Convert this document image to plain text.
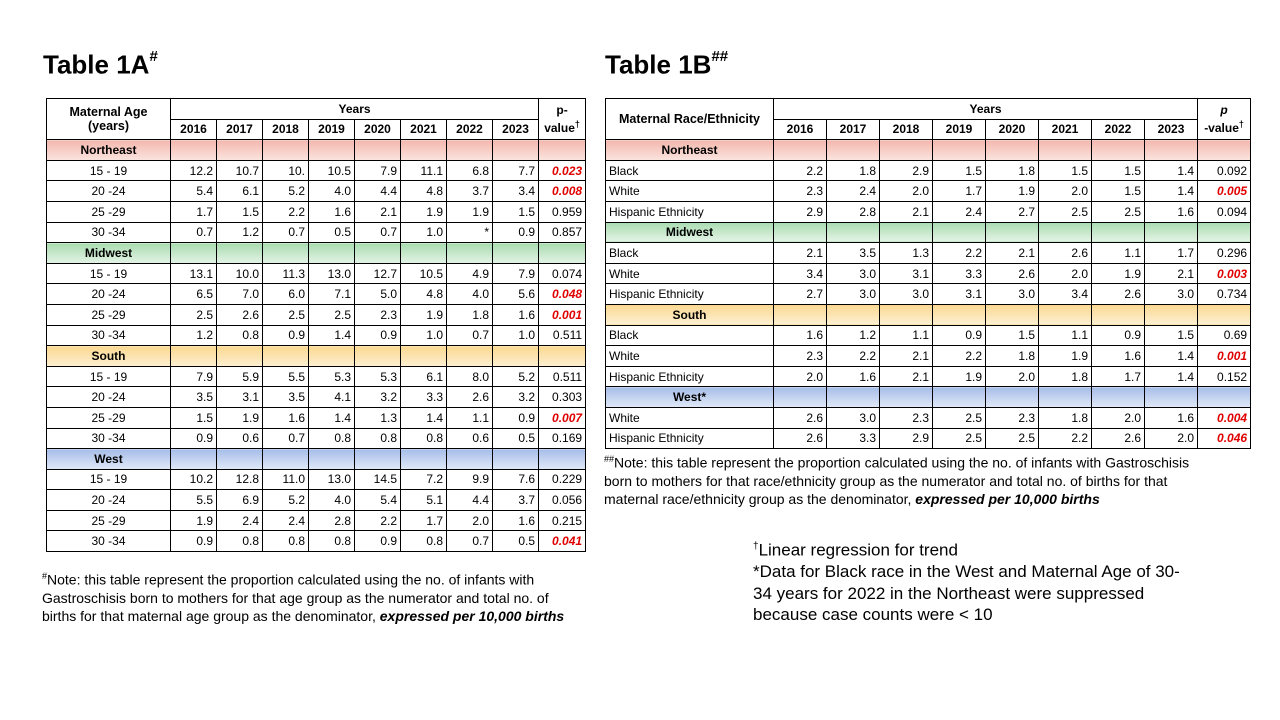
Table 1A#
Maternal Age (years)	Years								p-value†
	2016	2017	2018	2019	2020	2021	2022	2023	
Northeast									
15 - 19	12.2	10.7	10.	10.5	7.9	11.1	6.8	7.7	0.023
20 -24	5.4	6.1	5.2	4.0	4.4	4.8	3.7	3.4	0.008
25 -29	1.7	1.5	2.2	1.6	2.1	1.9	1.9	1.5	0.959
30 -34	0.7	1.2	0.7	0.5	0.7	1.0	*	0.9	0.857
Midwest									
15 - 19	13.1	10.0	11.3	13.0	12.7	10.5	4.9	7.9	0.074
20 -24	6.5	7.0	6.0	7.1	5.0	4.8	4.0	5.6	0.048
25 -29	2.5	2.6	2.5	2.5	2.3	1.9	1.8	1.6	0.001
30 -34	1.2	0.8	0.9	1.4	0.9	1.0	0.7	1.0	0.511
South									
15 - 19	7.9	5.9	5.5	5.3	5.3	6.1	8.0	5.2	0.511
20 -24	3.5	3.1	3.5	4.1	3.2	3.3	2.6	3.2	0.303
25 -29	1.5	1.9	1.6	1.4	1.3	1.4	1.1	0.9	0.007
30 -34	0.9	0.6	0.7	0.8	0.8	0.8	0.6	0.5	0.169
West									
15 - 19	10.2	12.8	11.0	13.0	14.5	7.2	9.9	7.6	0.229
20 -24	5.5	6.9	5.2	4.0	5.4	5.1	4.4	3.7	0.056
25 -29	1.9	2.4	2.4	2.8	2.2	1.7	2.0	1.6	0.215
30 -34	0.9	0.8	0.8	0.8	0.9	0.8	0.7	0.5	0.041
#Note: this table represent the proportion calculated using the no. of infants with Gastroschisis born to mothers for that age group as the numerator and total no. of births for that maternal age group as the denominator, expressed per 10,000 births
Table 1B##
Maternal Race/Ethnicity	Years								p
-value†
	2016	2017	2018	2019	2020	2021	2022	2023	
Northeast									
Black	2.2	1.8	2.9	1.5	1.8	1.5	1.5	1.4	0.092
White	2.3	2.4	2.0	1.7	1.9	2.0	1.5	1.4	0.005
Hispanic Ethnicity	2.9	2.8	2.1	2.4	2.7	2.5	2.5	1.6	0.094
Midwest									
Black	2.1	3.5	1.3	2.2	2.1	2.6	1.1	1.7	0.296
White	3.4	3.0	3.1	3.3	2.6	2.0	1.9	2.1	0.003
Hispanic Ethnicity	2.7	3.0	3.0	3.1	3.0	3.4	2.6	3.0	0.734
South									
Black	1.6	1.2	1.1	0.9	1.5	1.1	0.9	1.5	0.69
White	2.3	2.2	2.1	2.2	1.8	1.9	1.6	1.4	0.001
Hispanic Ethnicity	2.0	1.6	2.1	1.9	2.0	1.8	1.7	1.4	0.152
West*									
White	2.6	3.0	2.3	2.5	2.3	1.8	2.0	1.6	0.004
Hispanic Ethnicity	2.6	3.3	2.9	2.5	2.5	2.2	2.6	2.0	0.046
##Note: this table represent the proportion calculated using the no. of infants with Gastroschisis born to mothers for that race/ethnicity group as the numerator and total no. of births for that maternal race/ethnicity group as the denominator, expressed per 10,000 births
†Linear regression for trend
*Data for Black race in the West and Maternal Age of 30-34 years for 2022 in the Northeast were suppressed because case counts were < 10
